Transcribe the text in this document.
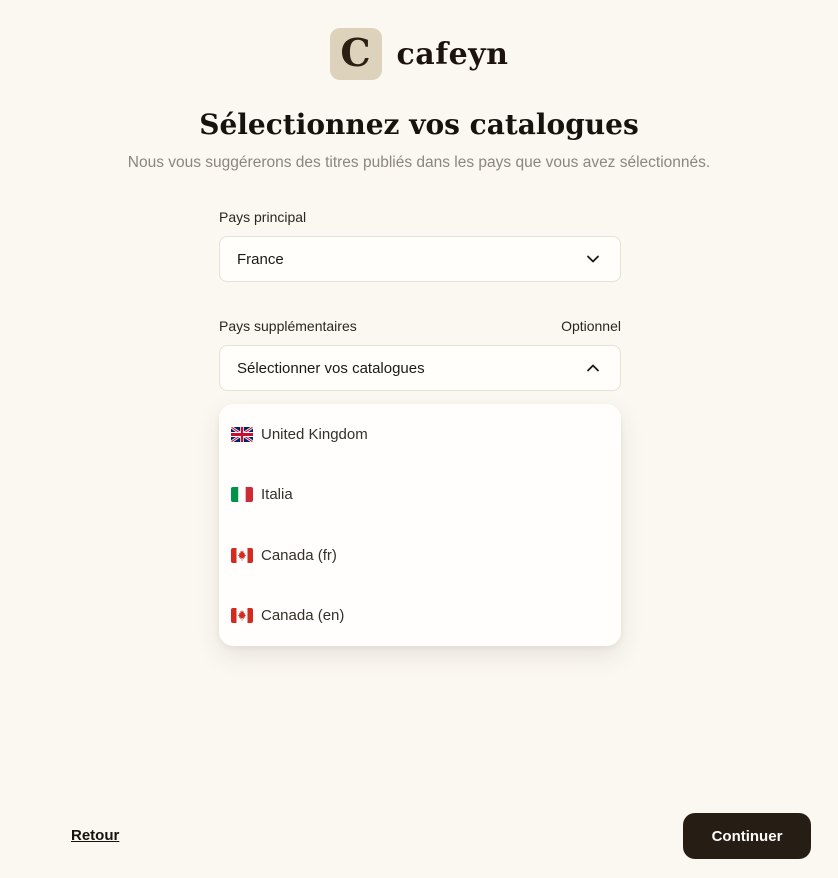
C cafeyn
Sélectionnez vos catalogues

Nous vous suggérerons des titres publiés dans les pays que vous avez sélectionnés.

Pays principal
France
Pays supplémentaires	Optionnel
Sélectionner vos catalogues
United Kingdom
Italia
Canada (fr)
Canada (en)
Retour	Continuer
